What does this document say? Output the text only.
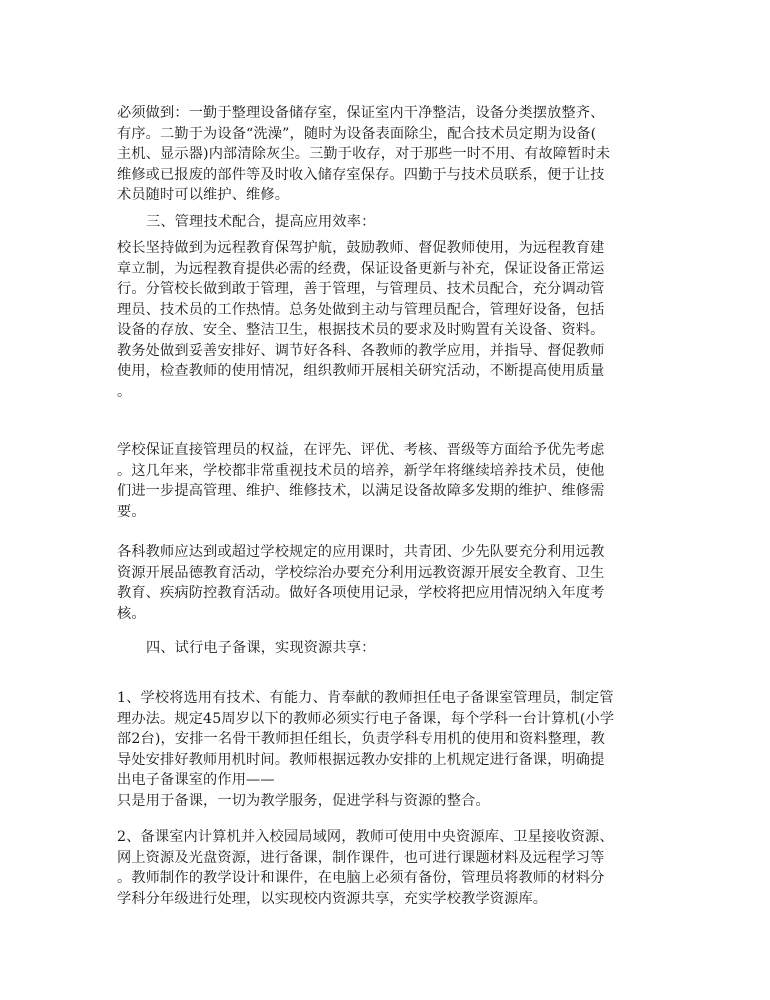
必须做到：一勤于整理设备储存室，保证室内干净整洁，设备分类摆放整齐、
有序。二勤于为设备“洗澡”，随时为设备表面除尘，配合技术员定期为设备(
主机、显示器)内部清除灰尘。三勤于收存，对于那些一时不用、有故障暂时未
维修或已报废的部件等及时收入储存室保存。四勤于与技术员联系，便于让技
术员随时可以维护、维修。

三、管理技术配合，提高应用效率：

校长坚持做到为远程教育保驾护航，鼓励教师、督促教师使用，为远程教育建
章立制，为远程教育提供必需的经费，保证设备更新与补充，保证设备正常运
行。分管校长做到敢于管理，善于管理，与管理员、技术员配合，充分调动管
理员、技术员的工作热情。总务处做到主动与管理员配合，管理好设备，包括
设备的存放、安全、整洁卫生，根据技术员的要求及时购置有关设备、资料。
教务处做到妥善安排好、调节好各科、各教师的教学应用，并指导、督促教师
使用，检查教师的使用情况，组织教师开展相关研究活动，不断提高使用质量
。

学校保证直接管理员的权益，在评先、评优、考核、晋级等方面给予优先考虑
。这几年来，学校都非常重视技术员的培养，新学年将继续培养技术员，使他
们进一步提高管理、维护、维修技术，以满足设备故障多发期的维护、维修需
要。

各科教师应达到或超过学校规定的应用课时，共青团、少先队要充分利用远教
资源开展品德教育活动，学校综治办要充分利用远教资源开展安全教育、卫生
教育、疾病防控教育活动。做好各项使用记录，学校将把应用情况纳入年度考
核。

四、试行电子备课，实现资源共享：

1、学校将选用有技术、有能力、肯奉献的教师担任电子备课室管理员，制定管
理办法。规定45周岁以下的教师必须实行电子备课，每个学科一台计算机(小学
部2台)，安排一名骨干教师担任组长，负责学科专用机的使用和资料整理，教
导处安排好教师用机时间。教师根据远教办安排的上机规定进行备课，明确提
出电子备课室的作用——
只是用于备课，一切为教学服务，促进学科与资源的整合。

2、备课室内计算机并入校园局域网，教师可使用中央资源库、卫星接收资源、
网上资源及光盘资源，进行备课，制作课件，也可进行课题材料及远程学习等
。教师制作的教学设计和课件，在电脑上必须有备份，管理员将教师的材料分
学科分年级进行处理，以实现校内资源共享，充实学校教学资源库。
